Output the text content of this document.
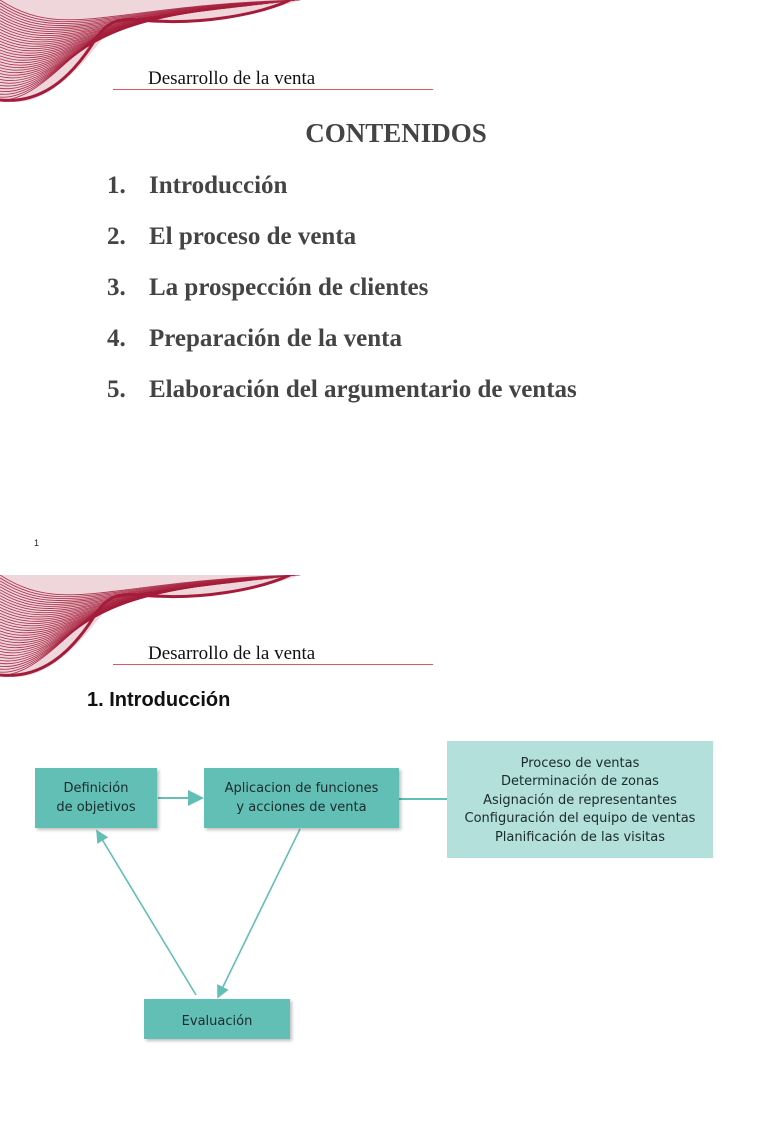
Desarrollo de la venta
CONTENIDOS
1. Introducción
2. El proceso de venta
3. La prospección de clientes
4. Preparación de la venta
5. Elaboración del argumentario de ventas
1
Desarrollo de la venta
1. Introducción
Definición
de objetivos
Aplicacion de funciones
y acciones de venta
Evaluación
Proceso de ventas
Determinación de zonas
Asignación de representantes
Configuración del equipo de ventas
Planificación de las visitas
